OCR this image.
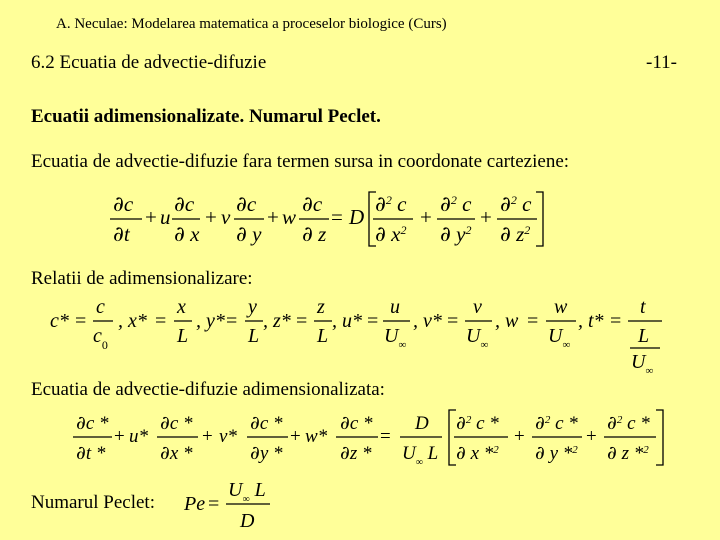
A. Neculae: Modelarea matematica a proceselor biologice (Curs)
6.2 Ecuatia de advectie-difuzie	-11-
Ecuatii adimensionalizate. Numarul Peclet.
Ecuatia de advectie-difuzie fara termen sursa in coordonate carteziene:
Relatii de adimensionalizare:
Ecuatia de advectie-difuzie adimensionalizata:
Numarul Peclet:
∂c
∂t
+ u
∂c
∂ x
+ v
∂c
∂ y
+ w
∂c
∂ z
= D
∂$^2$ c
∂ $x^2$
+
∂$^2$ c
∂ $y^2$
+
∂$^2$ c
∂ $z^2$
c* =
c
$c_0$
, x* =
x
L
, y* =
y
L
, z* =
z
L
, u* =
u
$U_\infty$
, v* =
v
$U_\infty$
, w =
w
$U_\infty$
, t* =
t
L
$U_\infty$
∂c *
∂t *
+ u*
∂c *
∂x *
+ v*
∂c *
∂y *
+ w*
∂c *
∂z *
=
D
$U_\infty$ L
∂$^2$ c *
∂ x *$^2$
+
∂$^2$ c *
∂ y *$^2$
+
∂$^2$ c *
∂ z *$^2$
Pe =
$U_\infty$ L
D
